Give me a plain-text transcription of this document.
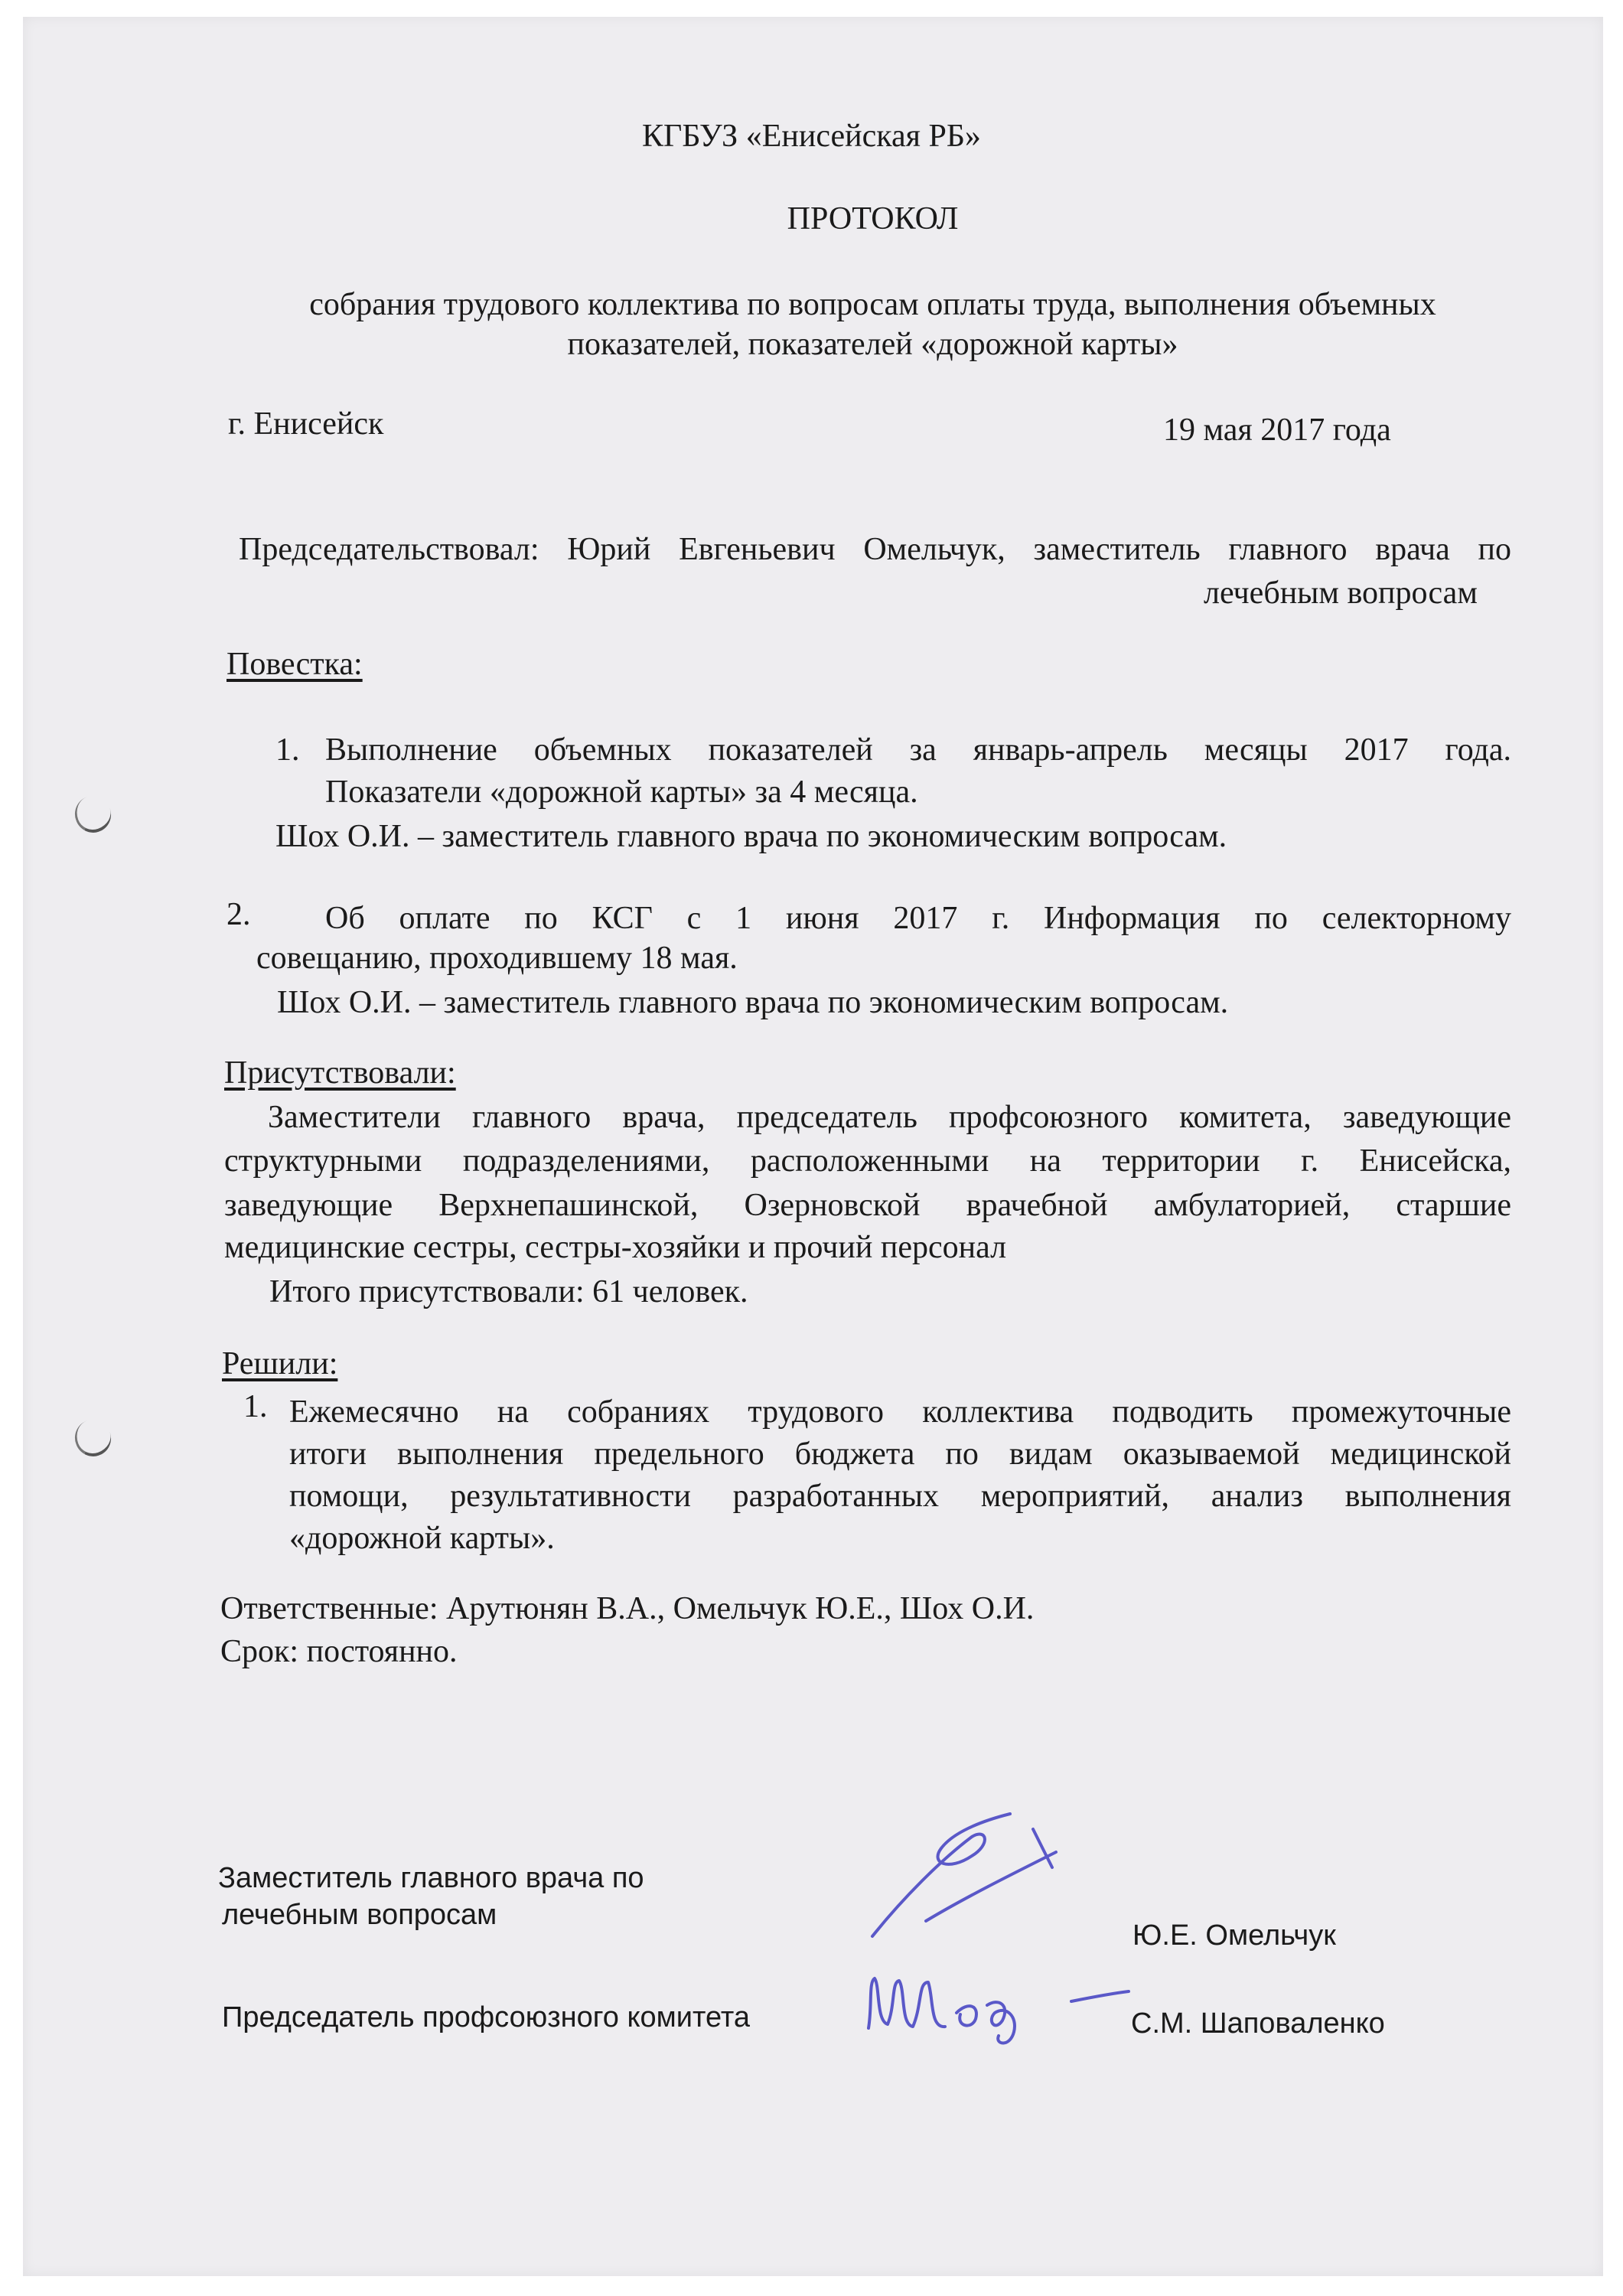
КГБУЗ «Енисейская РБ»
ПРОТОКОЛ
собрания трудового коллектива по вопросам оплаты труда, выполнения объемных
показателей, показателей «дорожной карты»
г. Енисейск	19 мая 2017 года
Председательствовал: Юрий Евгеньевич Омельчук, заместитель главного врача по
лечебным вопросам
Повестка:
1. Выполнение объемных показателей за январь-апрель месяцы 2017 года.
Показатели «дорожной карты» за 4 месяца.
Шох О.И. – заместитель главного врача по экономическим вопросам.
2. Об оплате по КСГ с 1 июня 2017 г. Информация по селекторному
совещанию, проходившему 18 мая.
Шох О.И. – заместитель главного врача по экономическим вопросам.
Присутствовали:
Заместители главного врача, председатель профсоюзного комитета, заведующие
структурными подразделениями, расположенными на территории г. Енисейска,
заведующие Верхнепашинской, Озерновской врачебной амбулаторией, старшие
медицинские сестры, сестры-хозяйки и прочий персонал
Итого присутствовали: 61 человек.
Решили:
1. Ежемесячно на собраниях трудового коллектива подводить промежуточные
итоги выполнения предельного бюджета по видам оказываемой медицинской
помощи, результативности разработанных мероприятий, анализ выполнения
«дорожной карты».
Ответственные: Арутюнян В.А., Омельчук Ю.Е., Шох О.И.
Срок: постоянно.
Заместитель главного врача по
лечебным вопросам
Ю.Е. Омельчук
Председатель профсоюзного комитета	С.М. Шаповаленко
